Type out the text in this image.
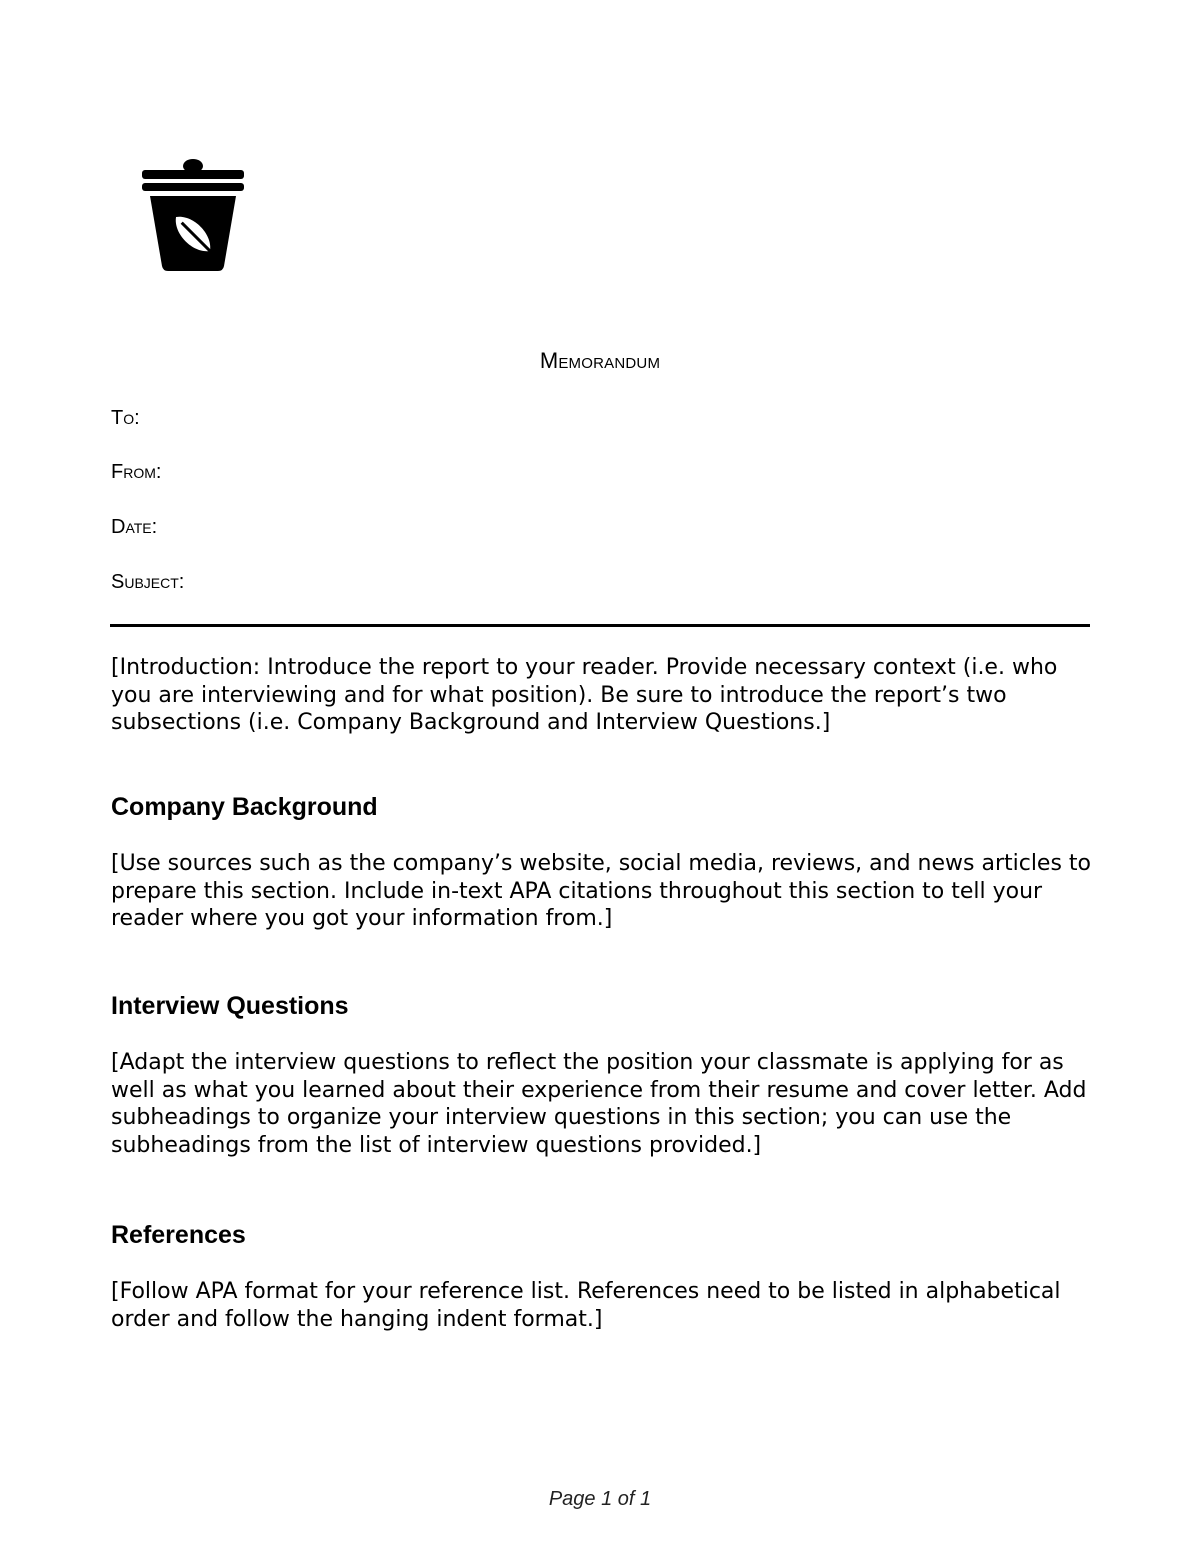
Memorandum
To:
From:
Date:
Subject:

[Introduction: Introduce the report to your reader. Provide necessary context (i.e. who you are interviewing and for what position). Be sure to introduce the report’s two subsections (i.e. Company Background and Interview Questions.]

Company Background

[Use sources such as the company’s website, social media, reviews, and news articles to prepare this section. Include in-text APA citations throughout this section to tell your reader where you got your information from.]

Interview Questions

[Adapt the interview questions to reflect the position your classmate is applying for as well as what you learned about their experience from their resume and cover letter. Add subheadings to organize your interview questions in this section; you can use the subheadings from the list of interview questions provided.]

References

[Follow APA format for your reference list. References need to be listed in alphabetical order and follow the hanging indent format.]

Page 1 of 1
